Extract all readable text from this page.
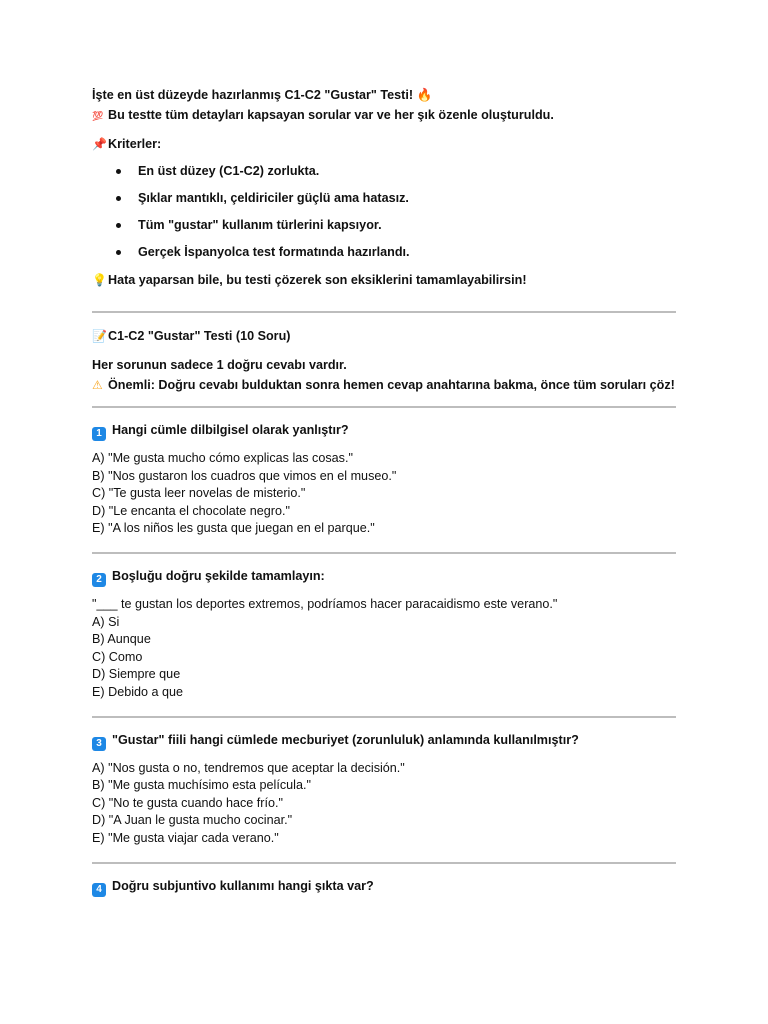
İşte en üst düzeyde hazırlanmış C1-C2 "Gustar" Testi! 🔥
💯 Bu testte tüm detayları kapsayan sorular var ve her şık özenle oluşturuldu.
📌Kriterler:
En üst düzey (C1-C2) zorlukta.
Şıklar mantıklı, çeldiriciler güçlü ama hatasız.
Tüm "gustar" kullanım türlerini kapsıyor.
Gerçek İspanyolca test formatında hazırlandı.
💡Hata yaparsan bile, bu testi çözerek son eksiklerini tamamlayabilirsin!
📝C1-C2 "Gustar" Testi (10 Soru)
Her sorunun sadece 1 doğru cevabı vardır.
⚠ Önemli: Doğru cevabı bulduktan sonra hemen cevap anahtarına bakma, önce tüm soruları çöz!
1 Hangi cümle dilbilgisel olarak yanlıştır?
A) "Me gusta mucho cómo explicas las cosas."
B) "Nos gustaron los cuadros que vimos en el museo."
C) "Te gusta leer novelas de misterio."
D) "Le encanta el chocolate negro."
E) "A los niños les gusta que juegan en el parque."
2 Boşluğu doğru şekilde tamamlayın:
"___ te gustan los deportes extremos, podríamos hacer paracaidismo este verano."
A) Si
B) Aunque
C) Como
D) Siempre que
E) Debido a que
3 "Gustar" fiili hangi cümlede mecburiyet (zorunluluk) anlamında kullanılmıştır?
A) "Nos gusta o no, tendremos que aceptar la decisión."
B) "Me gusta muchísimo esta película."
C) "No te gusta cuando hace frío."
D) "A Juan le gusta mucho cocinar."
E) "Me gusta viajar cada verano."
4 Doğru subjuntivo kullanımı hangi şıkta var?
